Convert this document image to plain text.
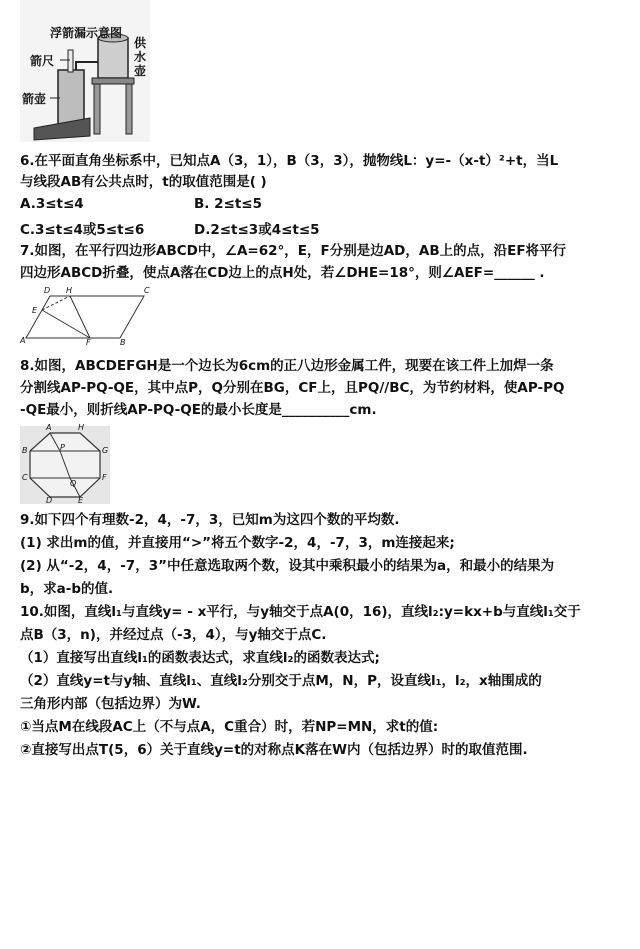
浮箭漏示意图
箭尺
箭壶
供
水
壶
6.在平面直角坐标系中，已知点A（3，1），B（3，3），抛物线L：y=-（x-t）²+t，当L
与线段AB有公共点时，t的取值范围是( )
A.3≤t≤4	B. 2≤t≤5
C.3≤t≤4或5≤t≤6	D.2≤t≤3或4≤t≤5
7.如图，在平行四边形ABCD中，∠A=62°，E，F分别是边AD，AB上的点，沿EF将平行
四边形ABCD折叠，使点A落在CD边上的点H处，若∠DHE=18°，则∠AEF=______ .
D H	C
E
A	F	B
8.如图，ABCDEFGH是一个边长为6cm的正八边形金属工件，现要在该工件上加焊一条
分割线AP-PQ-QE，其中点P，Q分别在BG，CF上，且PQ//BC，为节约材料，使AP-PQ
-QE最小，则折线AP-PQ-QE的最小长度是__________cm.
A	H
B	P	G
C
Q
F
D	E
9.如下四个有理数-2，4，-7，3，已知m为这四个数的平均数.
(1) 求出m的值，并直接用“>”将五个数字-2，4，-7，3，m连接起来;
(2) 从“-2，4，-7，3”中任意选取两个数，设其中乘积最小的结果为a，和最小的结果为
b，求a-b的值.
10.如图，直线l₁与直线y= - x平行，与y轴交于点A(0，16)，直线l₂:y=kx+b与直线l₁交于
点B（3，n)，并经过点（-3，4），与y轴交于点C.
（1）直接写出直线l₁的函数表达式，求直线l₂的函数表达式;
（2）直线y=t与y轴、直线l₁、直线l₂分别交于点M，N，P，设直线l₁，l₂，x轴围成的
三角形内部（包括边界）为W.
①当点M在线段AC上（不与点A，C重合）时，若NP=MN，求t的值:
②直接写出点T(5，6）关于直线y=t的对称点K落在W内（包括边界）时的取值范围.
